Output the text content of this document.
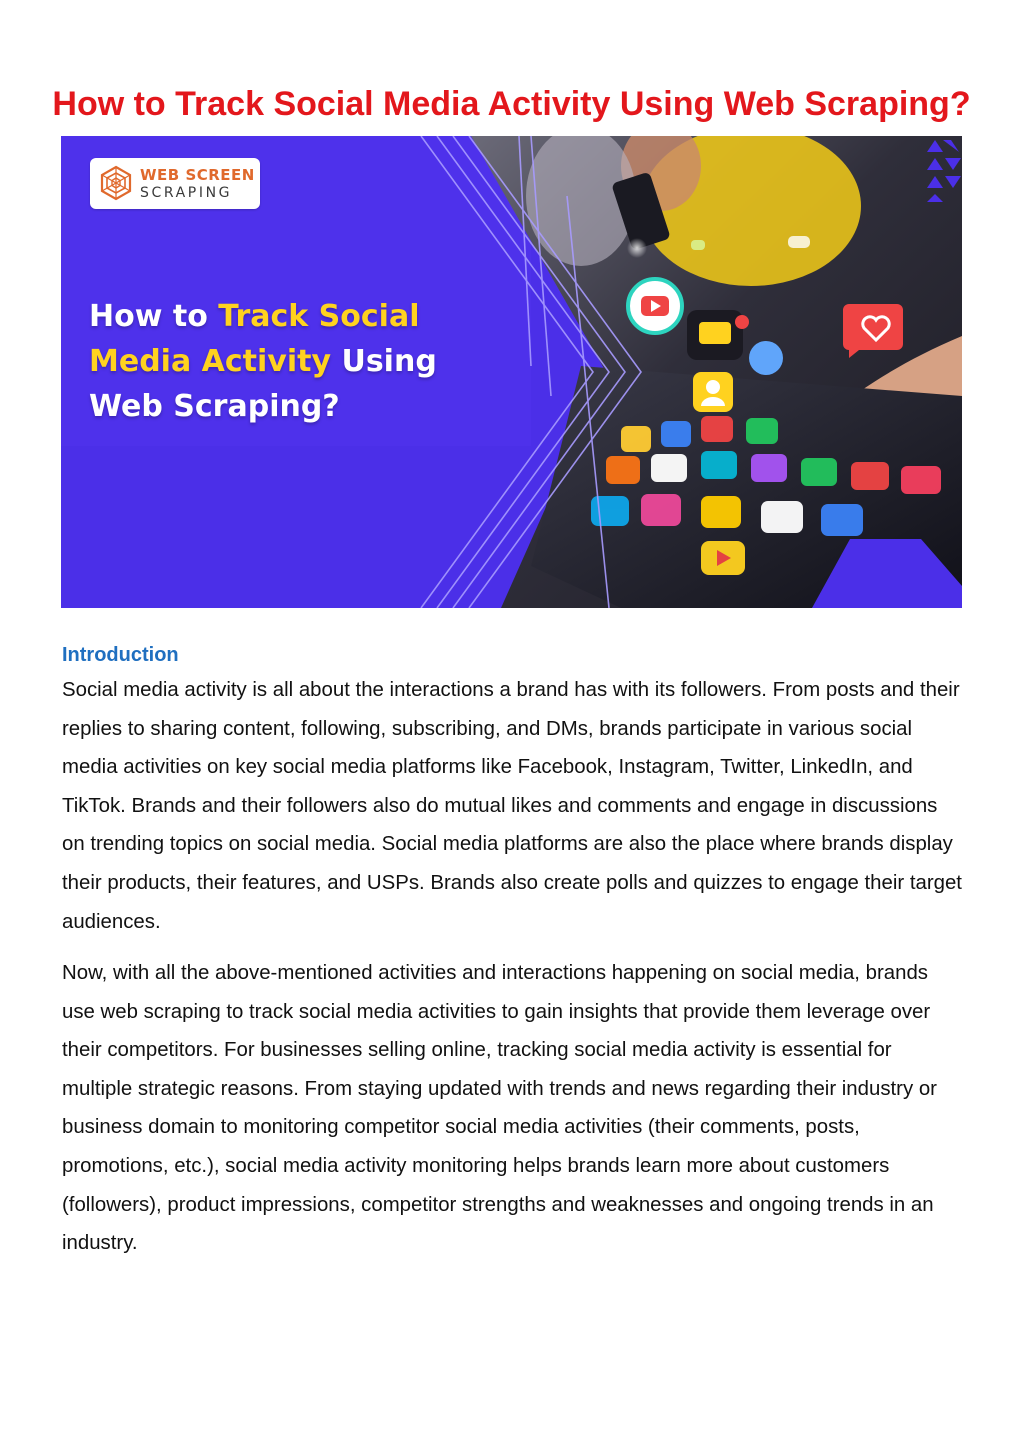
How to Track Social Media Activity Using Web Scraping?
WEB SCREEN
SCRAPING
How to Track Social
Media Activity Using
Web Scraping?
Introduction

Social media activity is all about the interactions a brand has with its followers. From posts and their replies to sharing content, following, subscribing, and DMs, brands participate in various social media activities on key social media platforms like Facebook, Instagram, Twitter, LinkedIn, and TikTok. Brands and their followers also do mutual likes and comments and engage in discussions on trending topics on social media. Social media platforms are also the place where brands display their products, their features, and USPs. Brands also create polls and quizzes to engage their target audiences.

Now, with all the above-mentioned activities and interactions happening on social media, brands use web scraping to track social media activities to gain insights that provide them leverage over their competitors. For businesses selling online, tracking social media activity is essential for multiple strategic reasons. From staying updated with trends and news regarding their industry or business domain to monitoring competitor social media activities (their comments, posts, promotions, etc.), social media activity monitoring helps brands learn more about customers (followers), product impressions, competitor strengths and weaknesses and ongoing trends in an industry.
